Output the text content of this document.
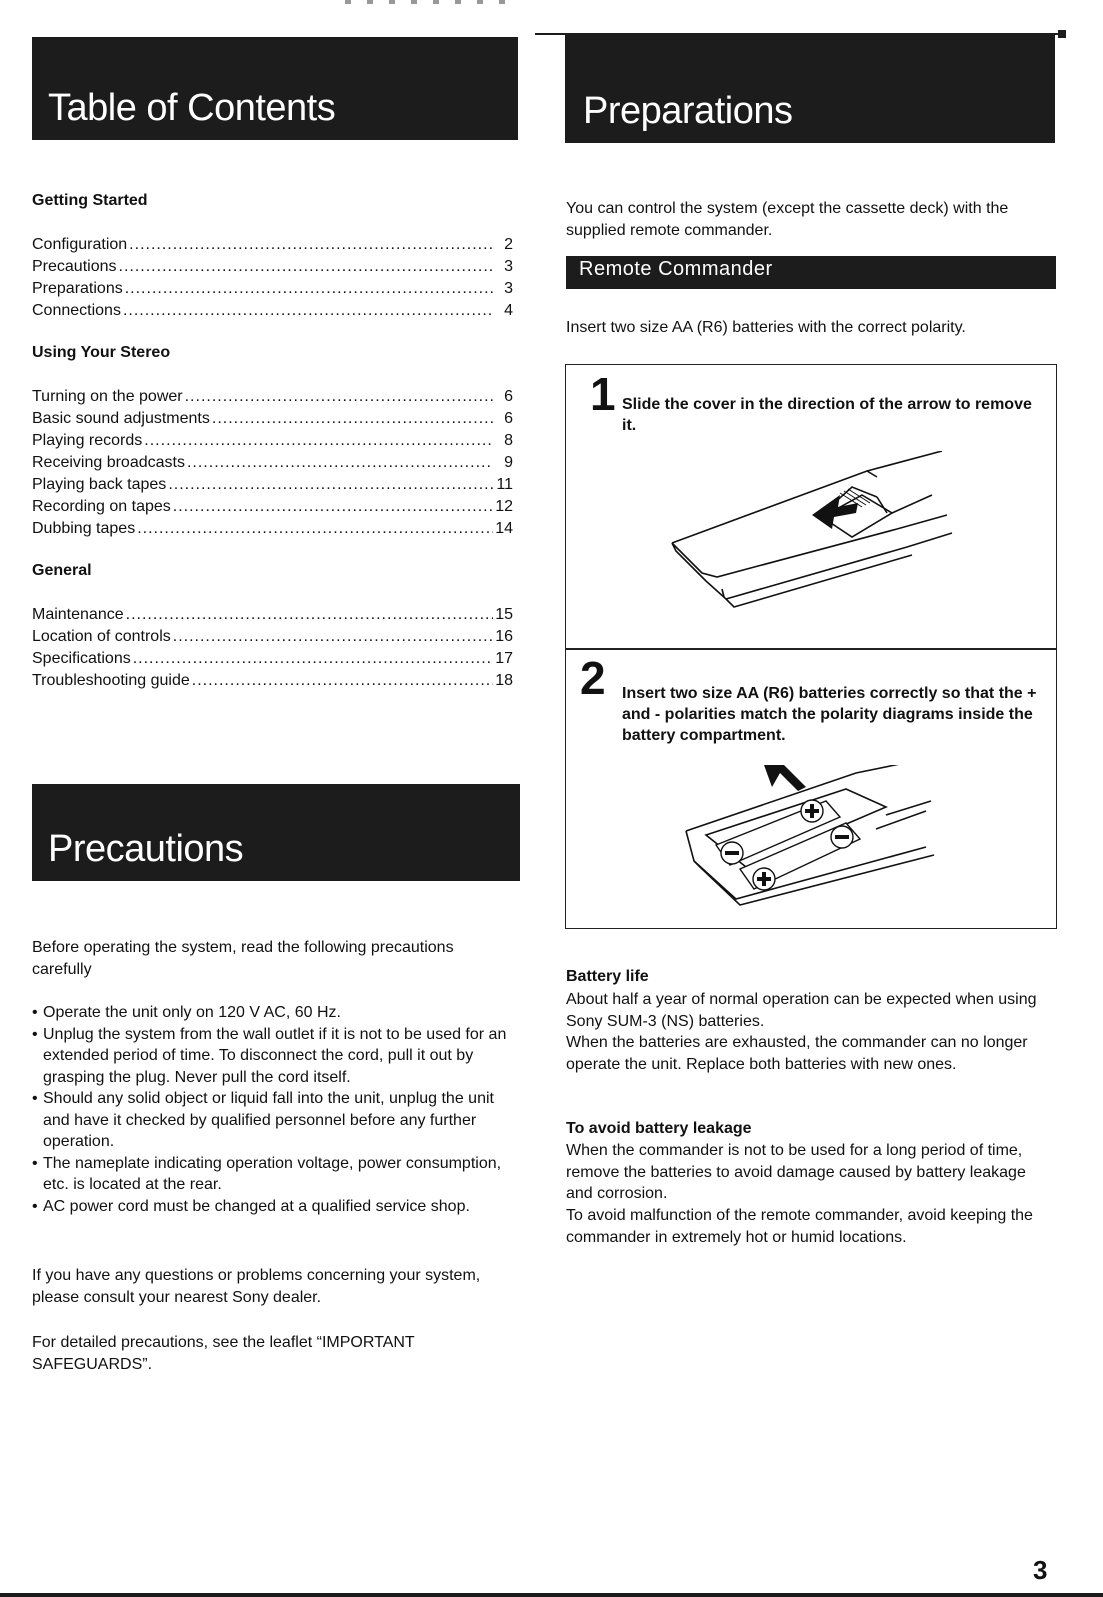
Table of Contents
Getting Started
Configuration .....	2
Precautions .....	3
Preparations .....	3
Connections .....	4
Using Your Stereo
Turning on the power .....	6
Basic sound adjustments .....	6
Playing records .....	8
Receiving broadcasts .....	9
Playing back tapes .....	11
Recording on tapes .....	12
Dubbing tapes .....	14
General
Maintenance .....	15
Location of controls .....	16
Specifications .....	17
Troubleshooting guide .....	18
Precautions
Before operating the system, read the following precautions carefully
• Operate the unit only on 120 V AC, 60 Hz.
• Unplug the system from the wall outlet if it is not to be used for an extended period of time. To disconnect the cord, pull it out by grasping the plug. Never pull the cord itself.
• Should any solid object or liquid fall into the unit, unplug the unit and have it checked by qualified personnel before any further operation.
• The nameplate indicating operation voltage, power consumption, etc. is located at the rear.
• AC power cord must be changed at a qualified service shop.
If you have any questions or problems concerning your system, please consult your nearest Sony dealer.
For detailed precautions, see the leaflet “IMPORTANT SAFEGUARDS”.
Preparations
You can control the system (except the cassette deck) with the supplied remote commander.
Remote Commander
Insert two size AA (R6) batteries with the correct polarity.
1 Slide the cover in the direction of the arrow to remove it.
2 Insert two size AA (R6) batteries correctly so that the + and - polarities match the polarity diagrams inside the battery compartment.
Battery life
About half a year of normal operation can be expected when using Sony SUM-3 (NS) batteries.
When the batteries are exhausted, the commander can no longer operate the unit. Replace both batteries with new ones.
To avoid battery leakage
When the commander is not to be used for a long period of time, remove the batteries to avoid damage caused by battery leakage and corrosion.
To avoid malfunction of the remote commander, avoid keeping the commander in extremely hot or humid locations.
3
